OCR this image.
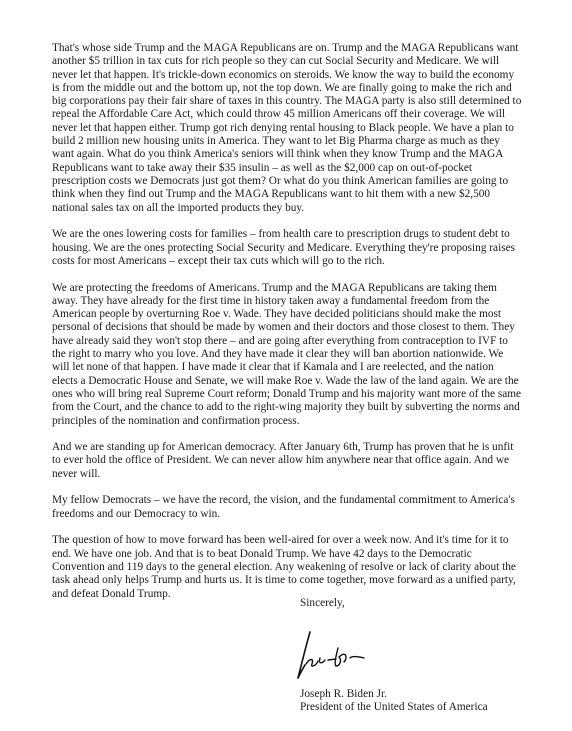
That's whose side Trump and the MAGA Republicans are on. Trump and the MAGA Republicans want another $5 trillion in tax cuts for rich people so they can cut Social Security and Medicare. We will never let that happen. It's trickle-down economics on steroids. We know the way to build the economy is from the middle out and the bottom up, not the top down. We are finally going to make the rich and big corporations pay their fair share of taxes in this country. The MAGA party is also still determined to repeal the Affordable Care Act, which could throw 45 million Americans off their coverage. We will never let that happen either. Trump got rich denying rental housing to Black people. We have a plan to build 2 million new housing units in America. They want to let Big Pharma charge as much as they want again. What do you think America's seniors will think when they know Trump and the MAGA Republicans want to take away their $35 insulin – as well as the $2,000 cap on out-of-pocket prescription costs we Democrats just got them? Or what do you think American families are going to think when they find out Trump and the MAGA Republicans want to hit them with a new $2,500 national sales tax on all the imported products they buy.

We are the ones lowering costs for families – from health care to prescription drugs to student debt to housing. We are the ones protecting Social Security and Medicare. Everything they're proposing raises costs for most Americans – except their tax cuts which will go to the rich.

We are protecting the freedoms of Americans. Trump and the MAGA Republicans are taking them away. They have already for the first time in history taken away a fundamental freedom from the American people by overturning Roe v. Wade. They have decided politicians should make the most personal of decisions that should be made by women and their doctors and those closest to them. They have already said they won't stop there – and are going after everything from contraception to IVF to the right to marry who you love. And they have made it clear they will ban abortion nationwide. We will let none of that happen. I have made it clear that if Kamala and I are reelected, and the nation elects a Democratic House and Senate, we will make Roe v. Wade the law of the land again. We are the ones who will bring real Supreme Court reform; Donald Trump and his majority want more of the same from the Court, and the chance to add to the right-wing majority they built by subverting the norms and principles of the nomination and confirmation process.

And we are standing up for American democracy. After January 6th, Trump has proven that he is unfit to ever hold the office of President. We can never allow him anywhere near that office again. And we never will.

My fellow Democrats – we have the record, the vision, and the fundamental commitment to America's freedoms and our Democracy to win.

The question of how to move forward has been well-aired for over a week now. And it's time for it to end. We have one job. And that is to beat Donald Trump. We have 42 days to the Democratic Convention and 119 days to the general election. Any weakening of resolve or lack of clarity about the task ahead only helps Trump and hurts us. It is time to come together, move forward as a unified party, and defeat Donald Trump.

Sincerely,
Joseph R. Biden Jr.
President of the United States of America
